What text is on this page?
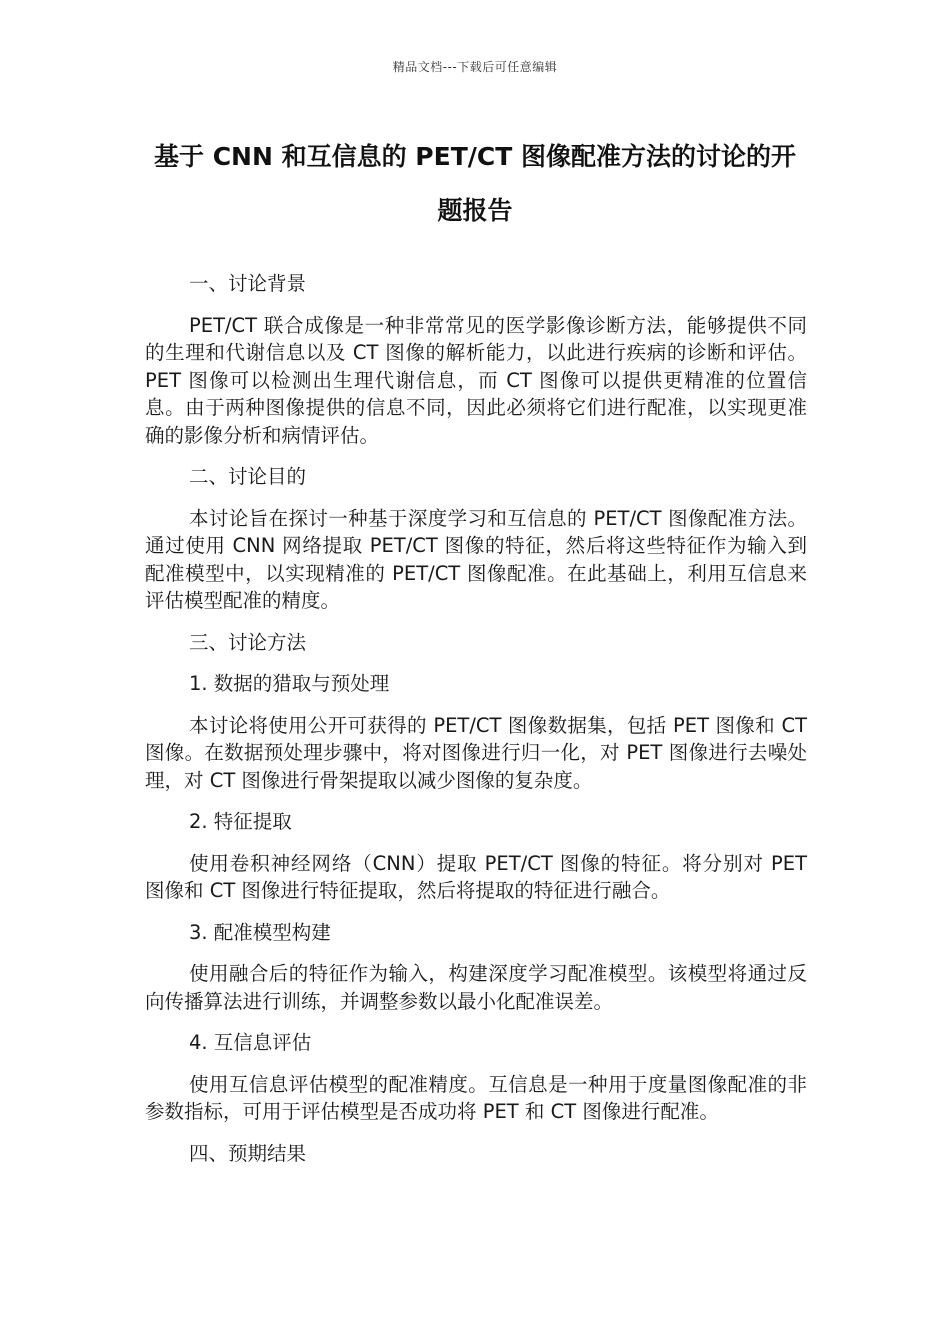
精品文档---下载后可任意编辑
基于 CNN 和互信息的 PET/CT 图像配准方法的讨论的开题报告
一、讨论背景

PET/CT 联合成像是一种非常常见的医学影像诊断方法，能够提供不同的生理和代谢信息以及 CT 图像的解析能力，以此进行疾病的诊断和评估。PET 图像可以检测出生理代谢信息，而 CT 图像可以提供更精准的位置信息。由于两种图像提供的信息不同，因此必须将它们进行配准，以实现更准确的影像分析和病情评估。

二、讨论目的

本讨论旨在探讨一种基于深度学习和互信息的 PET/CT 图像配准方法。通过使用 CNN 网络提取 PET/CT 图像的特征，然后将这些特征作为输入到配准模型中，以实现精准的 PET/CT 图像配准。在此基础上，利用互信息来评估模型配准的精度。

三、讨论方法
1. 数据的猎取与预处理

本讨论将使用公开可获得的 PET/CT 图像数据集，包括 PET 图像和 CT 图像。在数据预处理步骤中，将对图像进行归一化，对 PET 图像进行去噪处理，对 CT 图像进行骨架提取以减少图像的复杂度。

2. 特征提取

使用卷积神经网络（CNN）提取 PET/CT 图像的特征。将分别对 PET 图像和 CT 图像进行特征提取，然后将提取的特征进行融合。

3. 配准模型构建

使用融合后的特征作为输入，构建深度学习配准模型。该模型将通过反向传播算法进行训练，并调整参数以最小化配准误差。

4. 互信息评估

使用互信息评估模型的配准精度。互信息是一种用于度量图像配准的非参数指标，可用于评估模型是否成功将 PET 和 CT 图像进行配准。

四、预期结果
